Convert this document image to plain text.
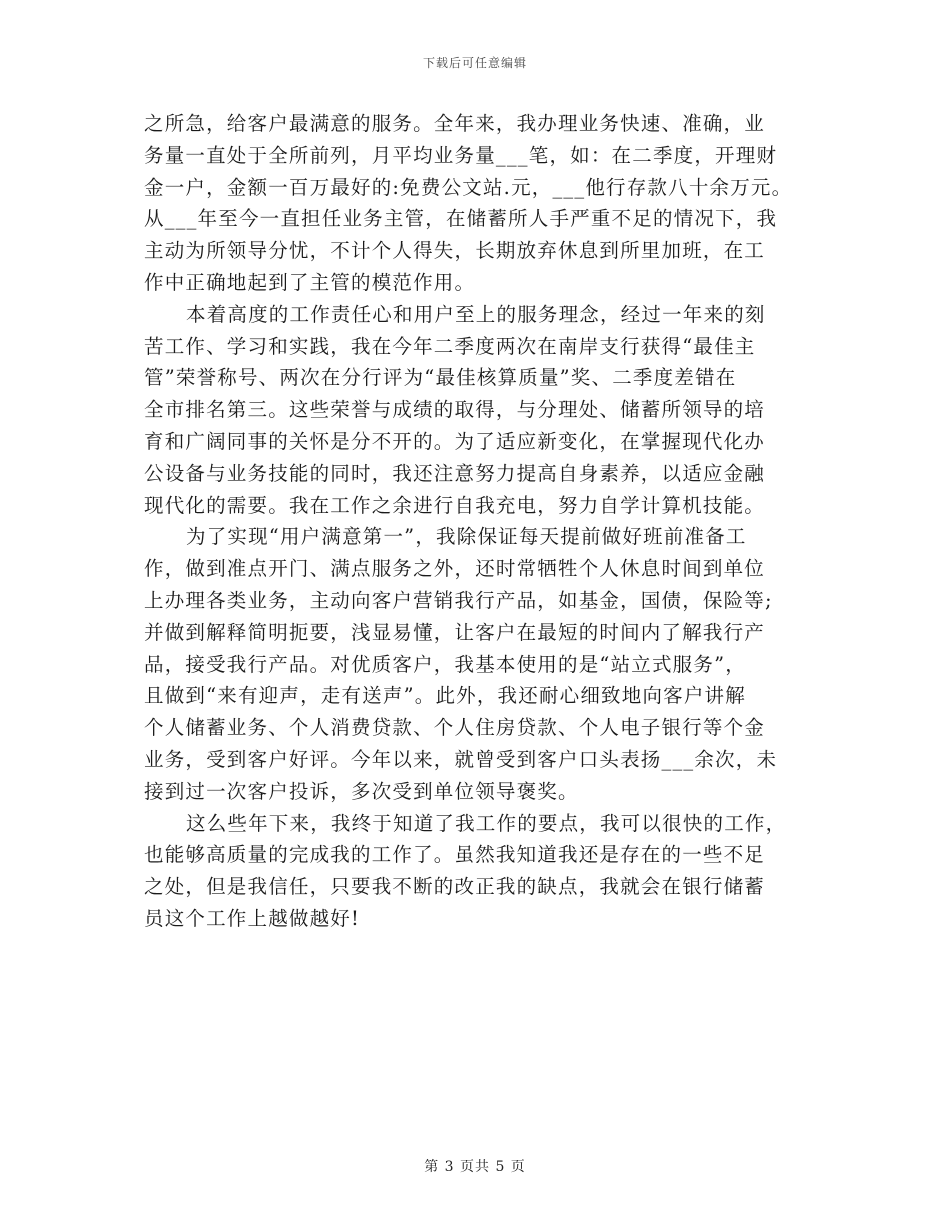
下载后可任意编辑
之所急，给客户最满意的服务。全年来，我办理业务快速、准确，业
务量一直处于全所前列，月平均业务量___笔，如：在二季度，开理财
金一户，金额一百万最好的:免费公文站.元，___他行存款八十余万元。
从___年至今一直担任业务主管，在储蓄所人手严重不足的情况下，我
主动为所领导分忧，不计个人得失，长期放弃休息到所里加班，在工
作中正确地起到了主管的模范作用。
本着高度的工作责任心和用户至上的服务理念，经过一年来的刻
苦工作、学习和实践，我在今年二季度两次在南岸支行获得“最佳主
管”荣誉称号、两次在分行评为“最佳核算质量”奖、二季度差错在
全市排名第三。这些荣誉与成绩的取得，与分理处、储蓄所领导的培
育和广阔同事的关怀是分不开的。为了适应新变化，在掌握现代化办
公设备与业务技能的同时，我还注意努力提高自身素养，以适应金融
现代化的需要。我在工作之余进行自我充电，努力自学计算机技能。
为了实现“用户满意第一”，我除保证每天提前做好班前准备工
作，做到准点开门、满点服务之外，还时常牺牲个人休息时间到单位
上办理各类业务，主动向客户营销我行产品，如基金，国债，保险等;
并做到解释简明扼要，浅显易懂，让客户在最短的时间内了解我行产
品，接受我行产品。对优质客户，我基本使用的是“站立式服务”，
且做到“来有迎声，走有送声”。此外，我还耐心细致地向客户讲解
个人储蓄业务、个人消费贷款、个人住房贷款、个人电子银行等个金
业务，受到客户好评。今年以来，就曾受到客户口头表扬___余次，未
接到过一次客户投诉，多次受到单位领导褒奖。
这么些年下来，我终于知道了我工作的要点，我可以很快的工作，
也能够高质量的完成我的工作了。虽然我知道我还是存在的一些不足
之处，但是我信任，只要我不断的改正我的缺点，我就会在银行储蓄
员这个工作上越做越好!
第 3 页共 5 页
